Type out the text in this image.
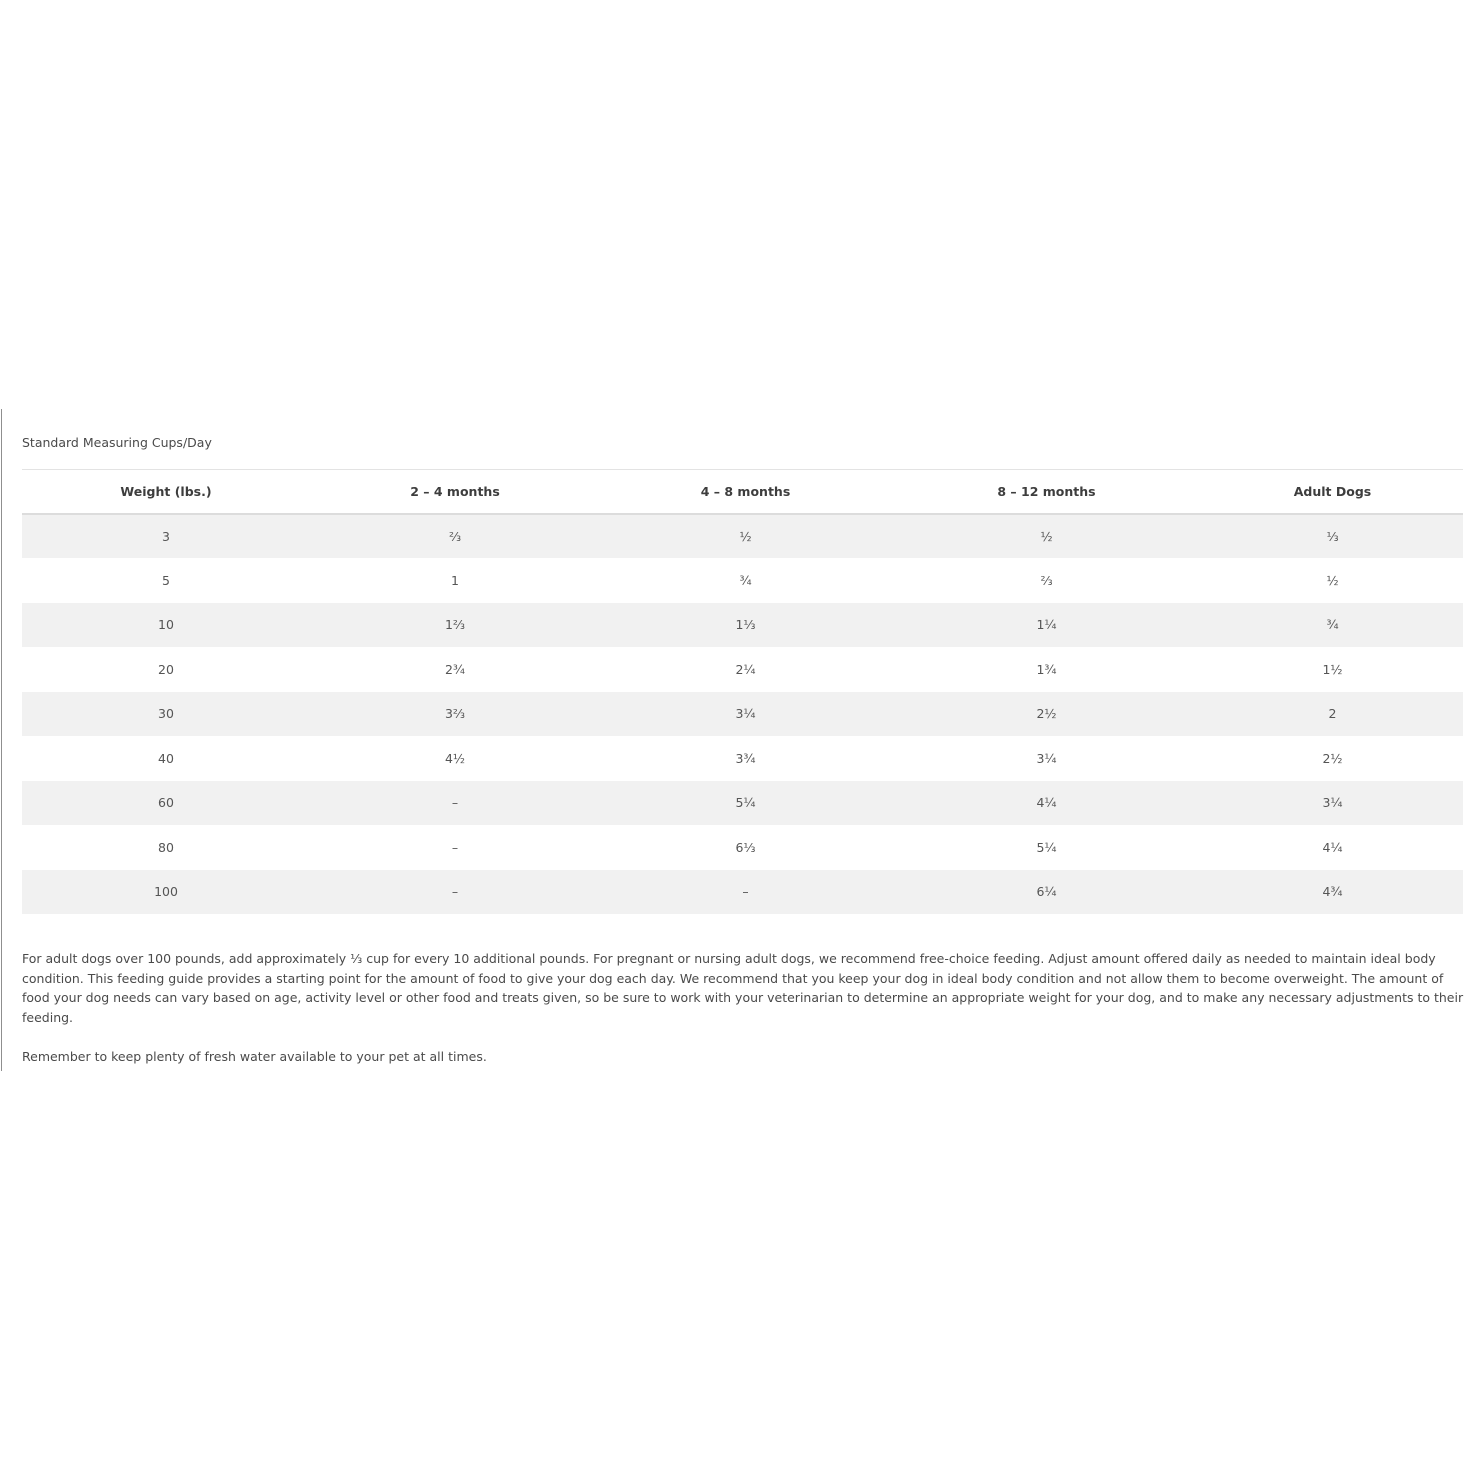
Standard Measuring Cups/Day
Weight (lbs.)	2 – 4 months	4 – 8 months	8 – 12 months	Adult Dogs
3	⅔	½	½	⅓
5	1	¾	⅔	½
10	1⅔	1⅓	1¼	¾
20	2¾	2¼	1¾	1½
30	3⅔	3¼	2½	2
40	4½	3¾	3¼	2½
60	–	5¼	4¼	3¼
80	–	6⅓	5¼	4¼
100	–	–	6¼	4¾

For adult dogs over 100 pounds, add approximately ⅓ cup for every 10 additional pounds. For pregnant or nursing adult dogs, we recommend free-choice feeding. Adjust amount offered daily as needed to maintain ideal body condition. This feeding guide provides a starting point for the amount of food to give your dog each day. We recommend that you keep your dog in ideal body condition and not allow them to become overweight. The amount of food your dog needs can vary based on age, activity level or other food and treats given, so be sure to work with your veterinarian to determine an appropriate weight for your dog, and to make any necessary adjustments to their feeding.

Remember to keep plenty of fresh water available to your pet at all times.
